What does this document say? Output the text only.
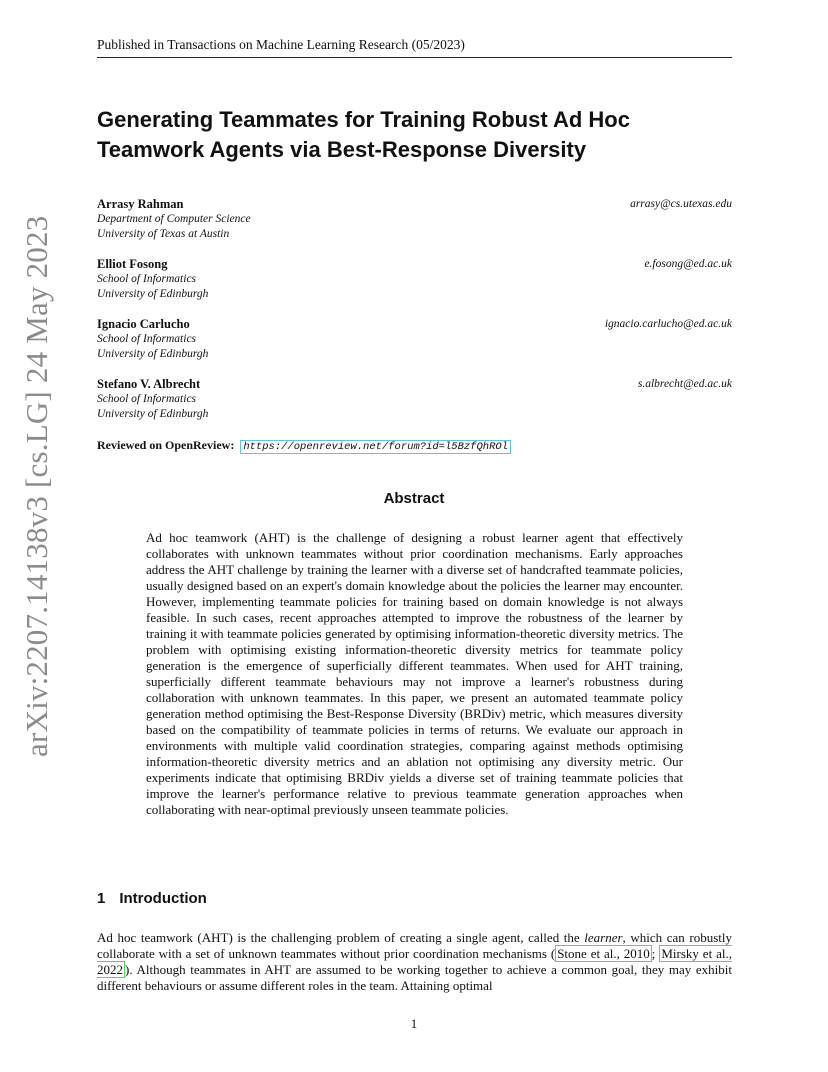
Published in Transactions on Machine Learning Research (05/2023)
arXiv:2207.14138v3 [cs.LG] 24 May 2023
Generating Teammates for Training Robust Ad Hoc Teamwork Agents via Best-Response Diversity
Arrasy Rahman	arrasy@cs.utexas.edu
Department of Computer Science
University of Texas at Austin
Elliot Fosong	e.fosong@ed.ac.uk
School of Informatics
University of Edinburgh
Ignacio Carlucho	ignacio.carlucho@ed.ac.uk
School of Informatics
University of Edinburgh
Stefano V. Albrecht	s.albrecht@ed.ac.uk
School of Informatics
University of Edinburgh
Reviewed on OpenReview: https://openreview.net/forum?id=l5BzfQhROl
Abstract
Ad hoc teamwork (AHT) is the challenge of designing a robust learner agent that effectively collaborates with unknown teammates without prior coordination mechanisms. Early approaches address the AHT challenge by training the learner with a diverse set of handcrafted teammate policies, usually designed based on an expert's domain knowledge about the policies the learner may encounter. However, implementing teammate policies for training based on domain knowledge is not always feasible. In such cases, recent approaches attempted to improve the robustness of the learner by training it with teammate policies generated by optimising information-theoretic diversity metrics. The problem with optimising existing information-theoretic diversity metrics for teammate policy generation is the emergence of superficially different teammates. When used for AHT training, superficially different teammate behaviours may not improve a learner's robustness during collaboration with unknown teammates. In this paper, we present an automated teammate policy generation method optimising the Best-Response Diversity (BRDiv) metric, which measures diversity based on the compatibility of teammate policies in terms of returns. We evaluate our approach in environments with multiple valid coordination strategies, comparing against methods optimising information-theoretic diversity metrics and an ablation not optimising any diversity metric. Our experiments indicate that optimising BRDiv yields a diverse set of training teammate policies that improve the learner's performance relative to previous teammate generation approaches when collaborating with near-optimal previously unseen teammate policies.
1 Introduction
Ad hoc teamwork (AHT) is the challenging problem of creating a single agent, called the learner, which can robustly collaborate with a set of unknown teammates without prior coordination mechanisms ( Stone et al., 2010 ; Mirsky et al., 2022 ). Although teammates in AHT are assumed to be working together to achieve a common goal, they may exhibit different behaviours or assume different roles in the team. Attaining optimal
1
